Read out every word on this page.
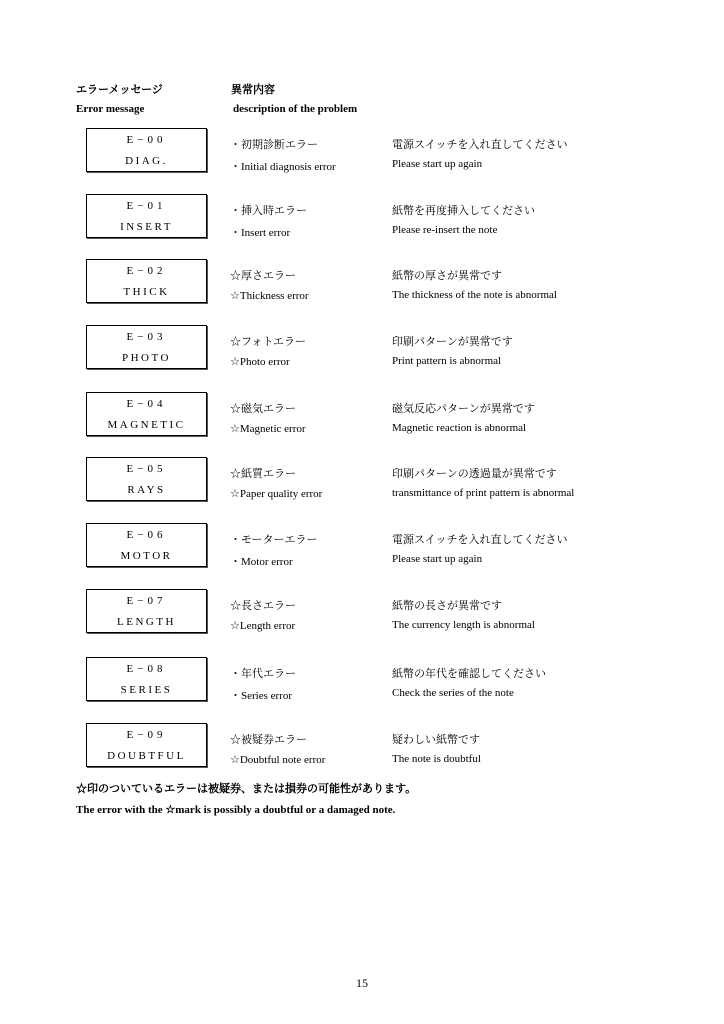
エラーメッセージ
Error message
異常内容
description of the problem
E−00
DIAG.
・初期診断エラー
・Initial diagnosis error
電源スイッチを入れ直してください
Please start up again
E−01
INSERT
・挿入時エラー
・Insert error
紙幣を再度挿入してください
Please re-insert the note
E−02
THICK
☆厚さエラー
☆Thickness error
紙幣の厚さが異常です
The thickness of the note is abnormal
E−03
PHOTO
☆フォトエラー
☆Photo error
印刷パターンが異常です
Print pattern is abnormal
E−04
MAGNETIC
☆磁気エラー
☆Magnetic error
磁気反応パターンが異常です
Magnetic reaction is abnormal
E−05
RAYS
☆紙質エラー
☆Paper quality error
印刷パターンの透過量が異常です
transmittance of print pattern is abnormal
E−06
MOTOR
・モーターエラー
・Motor error
電源スイッチを入れ直してください
Please start up again
E−07
LENGTH
☆長さエラー
☆Length error
紙幣の長さが異常です
The currency length is abnormal
E−08
SERIES
・年代エラー
・Series error
紙幣の年代を確認してください
Check the series of the note
E−09
DOUBTFUL
☆被疑券エラー
☆Doubtful note error
疑わしい紙幣です
The note is doubtful
☆印のついているエラーは被疑券、または損券の可能性があります。
The error with the ☆mark is possibly a doubtful or a damaged note.
15
